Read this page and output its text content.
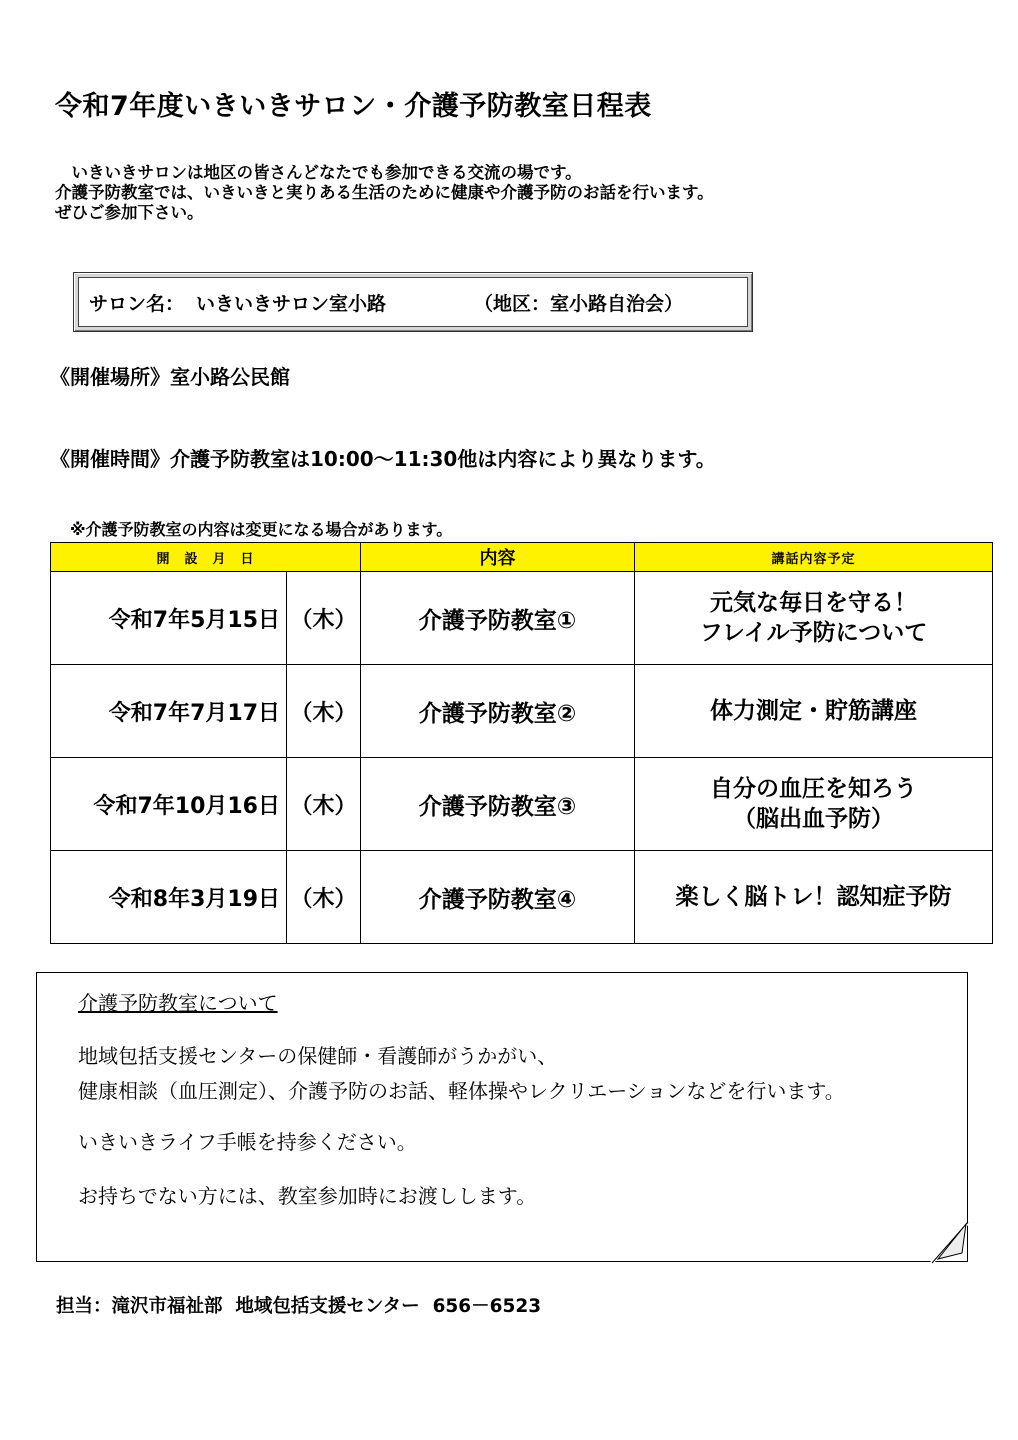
令和7年度いきいきサロン・介護予防教室日程表
　いきいきサロンは地区の皆さんどなたでも参加できる交流の場です。
介護予防教室では、いきいきと実りある生活のために健康や介護予防のお話を行います。
ぜひご参加下さい。
サロン名： いきいきサロン室小路	（地区：室小路自治会）
《開催場所》室小路公民館
《開催時間》介護予防教室は10:00～11:30他は内容により異なります。
※介護予防教室の内容は変更になる場合があります。
開　設　月　日		内容	講話内容予定
令和7年5月15日	（木）	介護予防教室①	元気な毎日を守る！
フレイル予防について

令和7年7月17日	（木）	介護予防教室②	体力測定・貯筋講座

令和7年10月16日	（木）	介護予防教室③	自分の血圧を知ろう
（脳出血予防）

令和8年3月19日	（木）	介護予防教室④	楽しく脳トレ！認知症予防
介護予防教室について
地域包括支援センターの保健師・看護師がうかがい、
健康相談（血圧測定）、介護予防のお話、軽体操やレクリエーションなどを行います。
いきいきライフ手帳を持参ください。
お持ちでない方には、教室参加時にお渡しします。
担当：滝沢市福祉部 地域包括支援センター 656－6523
